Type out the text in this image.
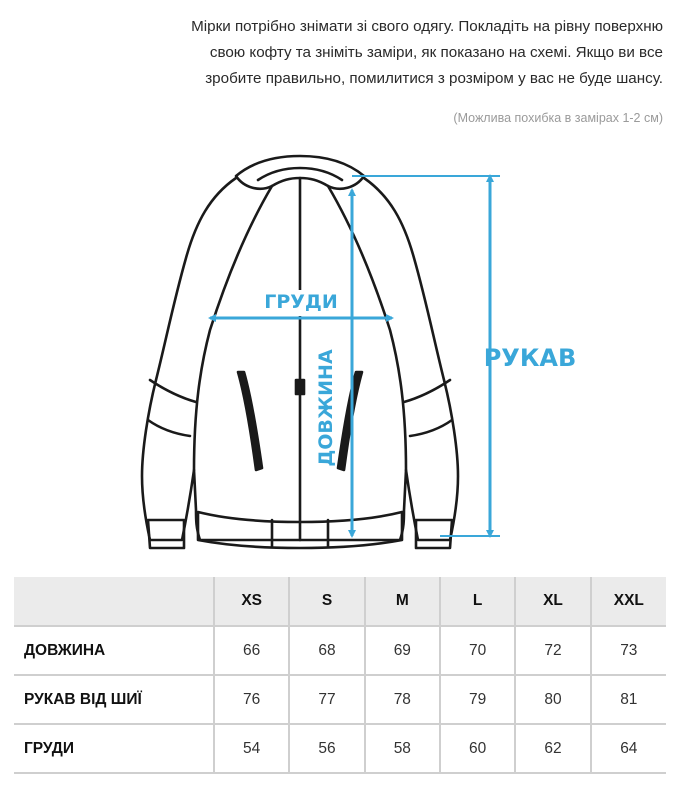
Мірки потрібно знімати зі свого одягу. Покладіть на рівну поверхню

свою кофту та зніміть заміри, як показано на схемі. Якщо ви все

зробите правильно, помилитися з розміром у вас не буде шансу.

(Можлива похибка в замірах 1-2 см)
ГРУДИ
ДОВЖИНА	РУКАВ
	XS	S	M	L	XL	XXL
ДОВЖИНА	66	68	69	70	72	73
РУКАВ ВІД ШИЇ	76	77	78	79	80	81
ГРУДИ	54	56	58	60	62	64
